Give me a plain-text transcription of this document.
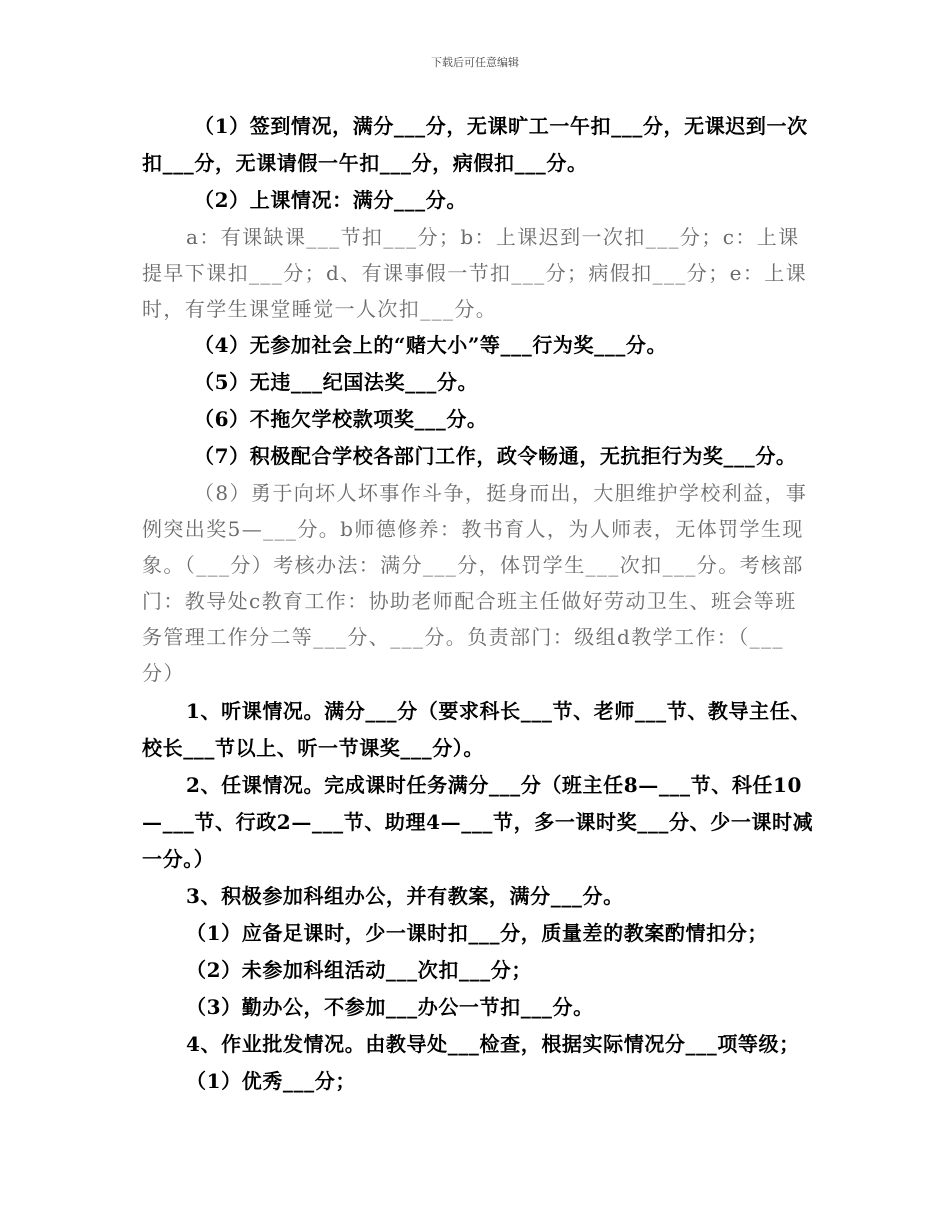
下载后可任意编辑

（1）签到情况，满分___分，无课旷工一午扣___分，无课迟到一次扣___分，无课请假一午扣___分，病假扣___分。

（2）上课情况：满分___分。

a：有课缺课___节扣___分；b：上课迟到一次扣___分；c：上课提早下课扣___分；d、有课事假一节扣___分；病假扣___分；e：上课时，有学生课堂睡觉一人次扣___分。

（4）无参加社会上的“赌大小”等___行为奖___分。

（5）无违___纪国法奖___分。

（6）不拖欠学校款项奖___分。

（7）积极配合学校各部门工作，政令畅通，无抗拒行为奖___分。

（8）勇于向坏人坏事作斗争，挺身而出，大胆维护学校利益，事例突出奖5—___分。b师德修养：教书育人，为人师表，无体罚学生现象。（___分）考核办法：满分___分，体罚学生___次扣___分。考核部门：教导处c教育工作：协助老师配合班主任做好劳动卫生、班会等班务管理工作分二等___分、___分。负责部门：级组d教学工作：（___分）

1、听课情况。满分___分（要求科长___节、老师___节、教导主任、校长___节以上、听一节课奖___分）。

2、任课情况。完成课时任务满分___分（班主任8—___节、科任10—___节、行政2—___节、助理4—___节，多一课时奖___分、少一课时减一分。）

3、积极参加科组办公，并有教案，满分___分。

（1）应备足课时，少一课时扣___分，质量差的教案酌情扣分；

（2）未参加科组活动___次扣___分；

（3）勤办公，不参加___办公一节扣___分。

4、作业批发情况。由教导处___检查，根据实际情况分___项等级；

（1）优秀___分；
